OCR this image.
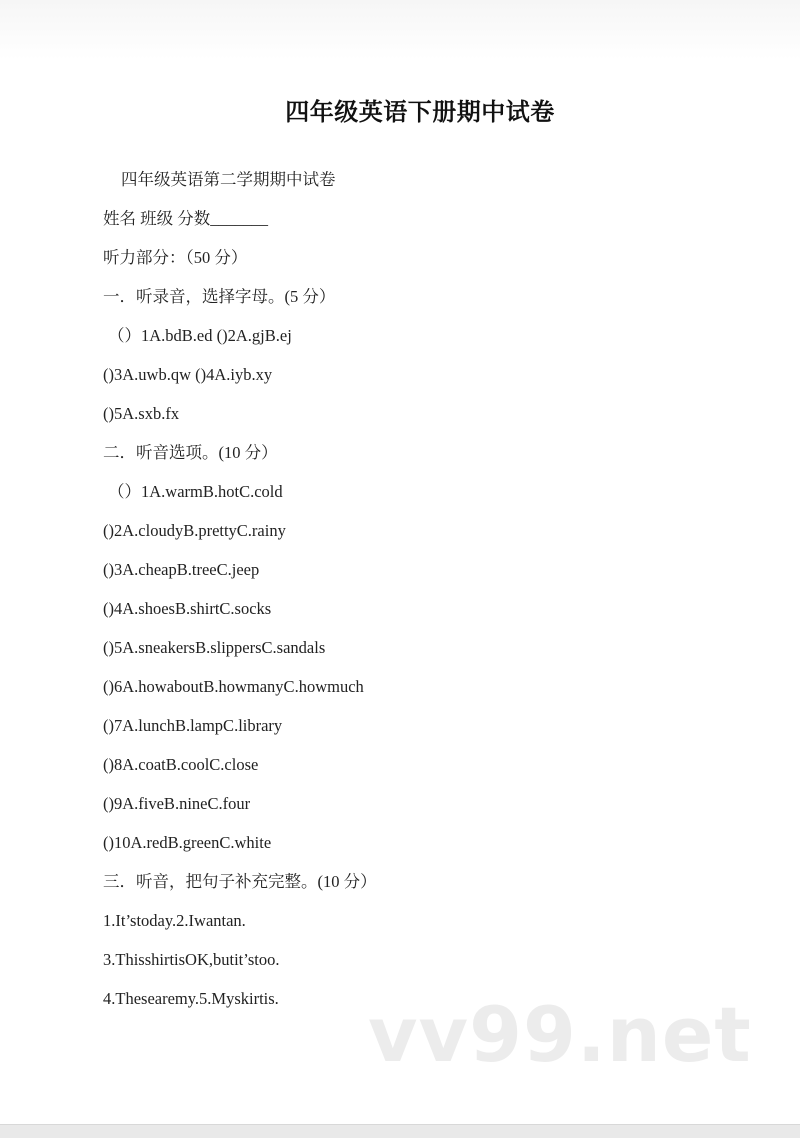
四年级英语下册期中试卷
四年级英语第二学期期中试卷
姓名 班级 分数_______
听力部分：（50 分）
一．听录音，选择字母。(5 分）
（）1A.bdB.ed ()2A.gjB.ej
()3A.uwb.qw ()4A.iyb.xy
()5A.sxb.fx
二．听音选项。(10 分）
（）1A.warmB.hotC.cold
()2A.cloudyB.prettyC.rainy
()3A.cheapB.treeC.jeep
()4A.shoesB.shirtC.socks
()5A.sneakersB.slippersC.sandals
()6A.howaboutB.howmanyC.howmuch
()7A.lunchB.lampC.library
()8A.coatB.coolC.close
()9A.fiveB.nineC.four
()10A.redB.greenC.white
三．听音，把句子补充完整。(10 分）
1.It’stoday.2.Iwantan.
3.ThisshirtisOK,butit’stoo.
4.Thesearemy.5.Myskirtis. vv99.net
